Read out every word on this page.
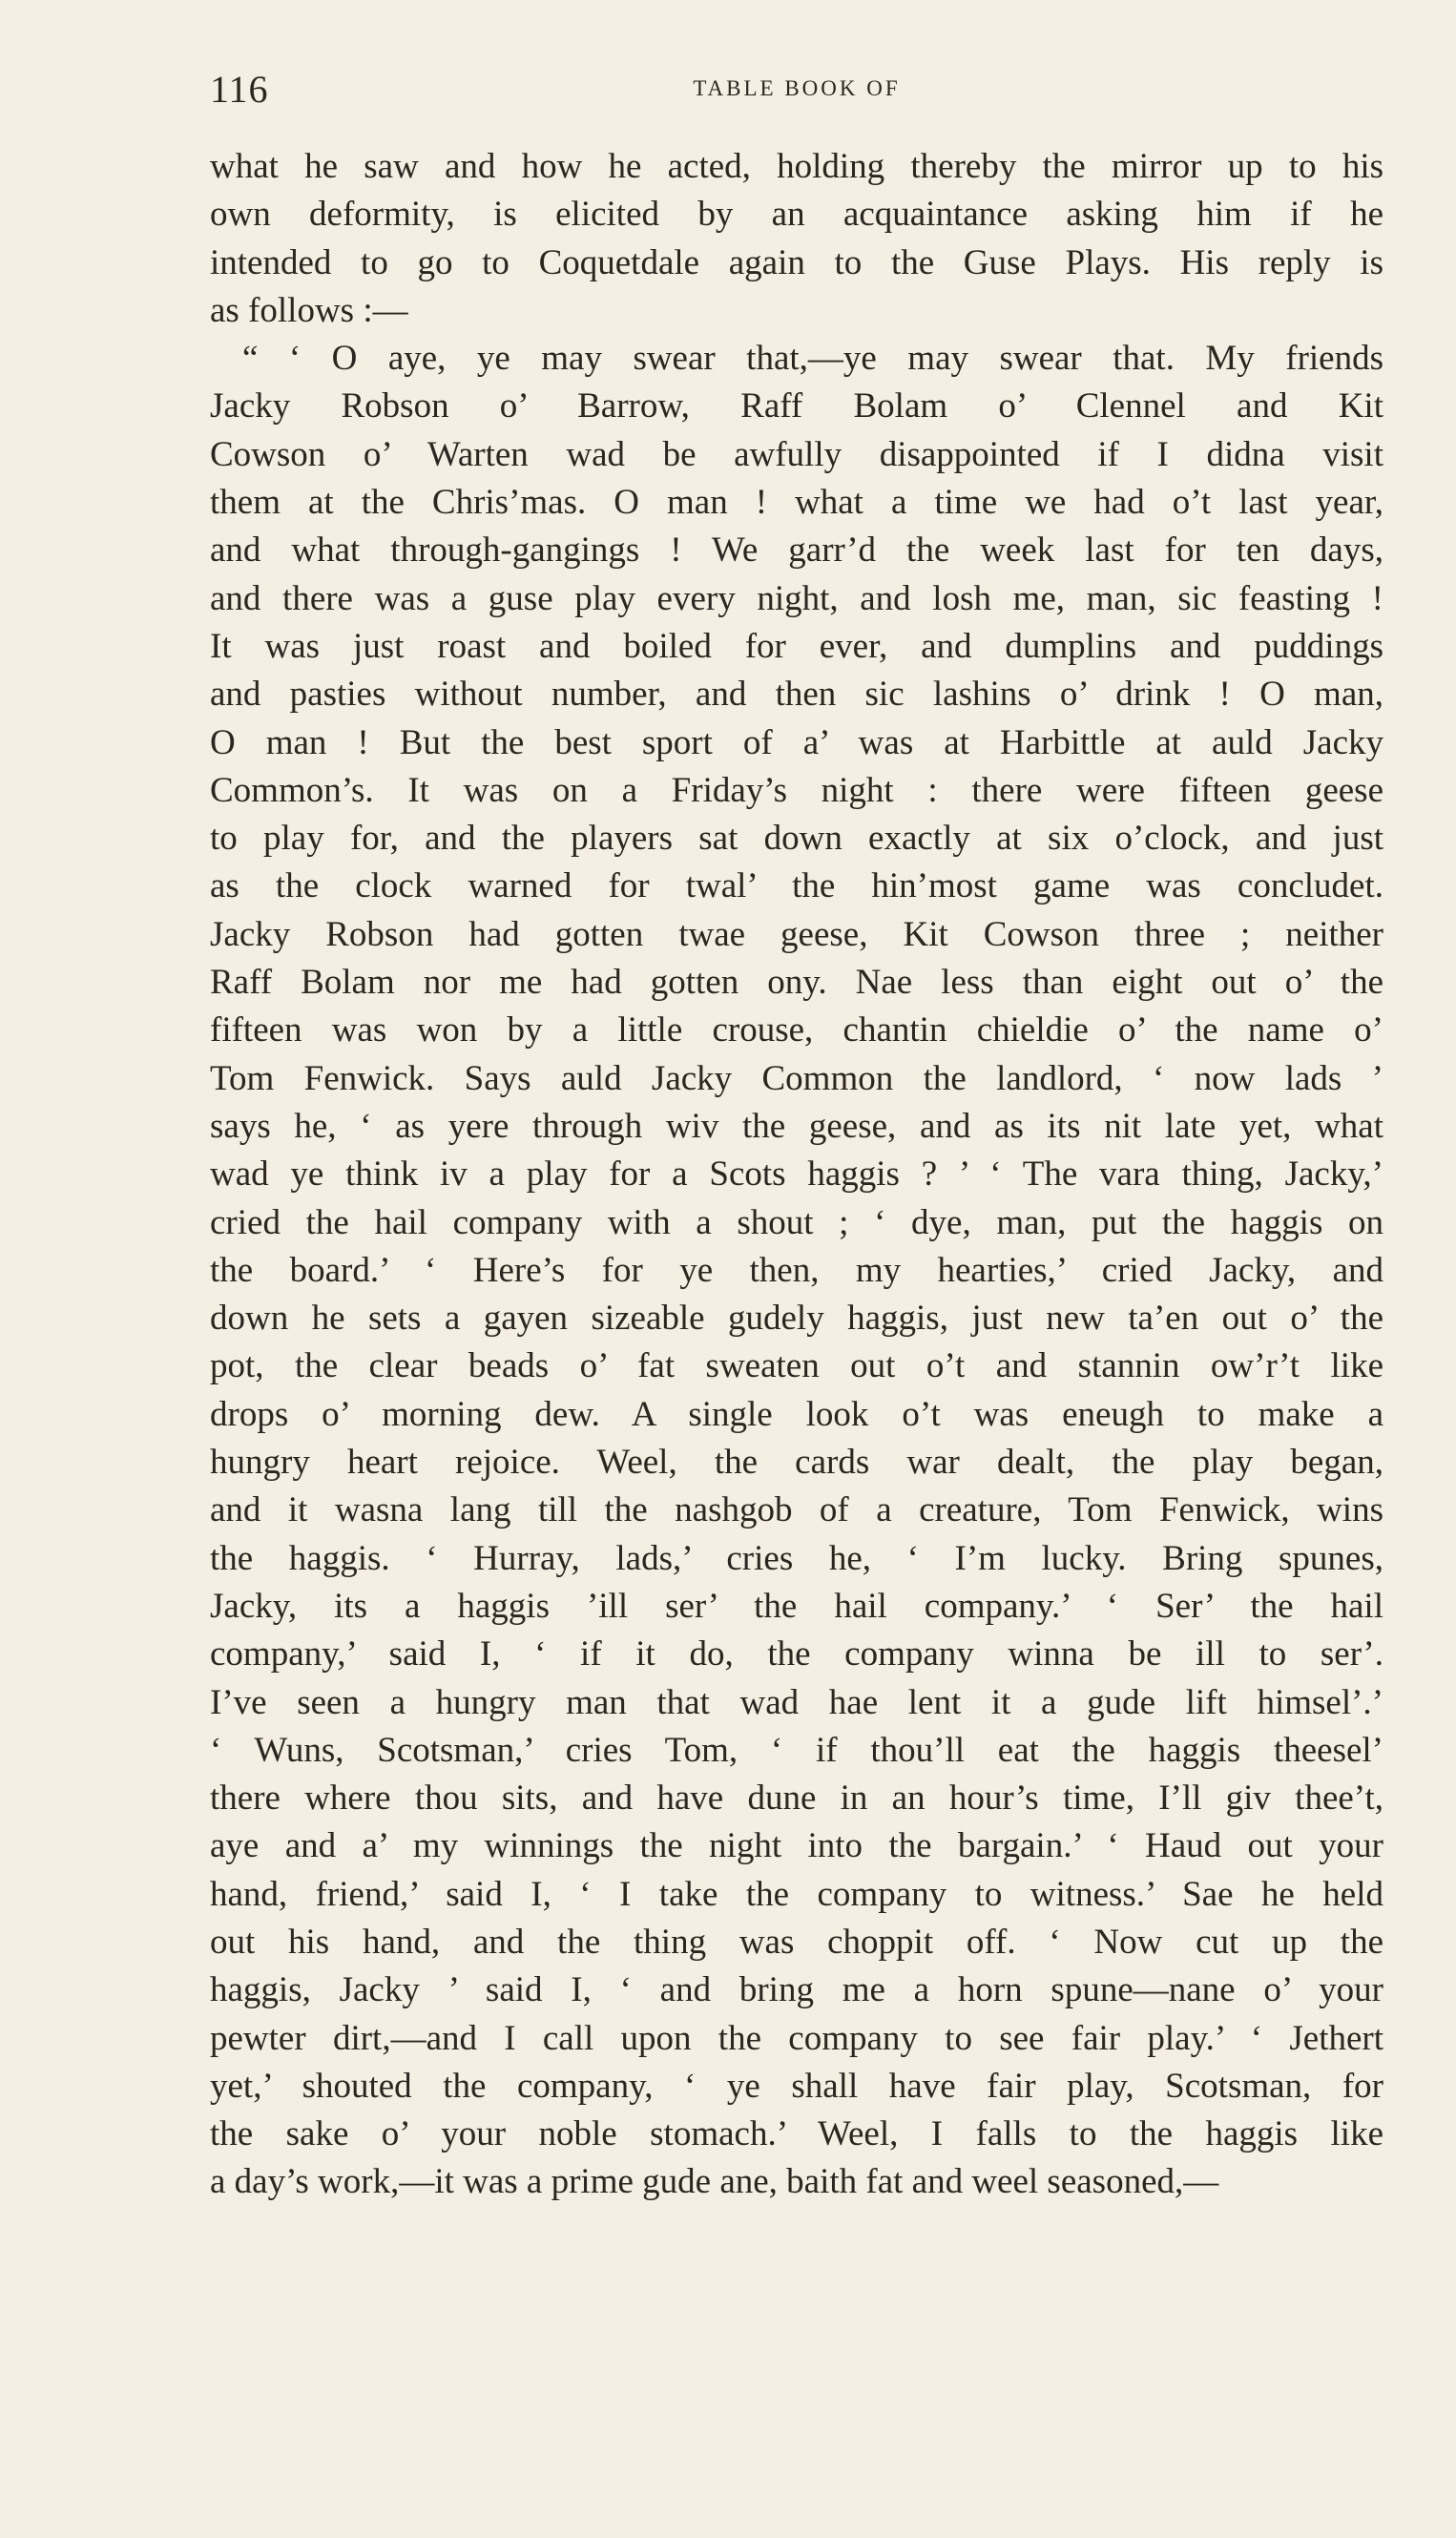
116	TABLE BOOK OF
what he saw and how he acted, holding thereby the mirror up to his
own deformity, is elicited by an acquaintance asking him if he
intended to go to Coquetdale again to the Guse Plays. His reply is
as follows :—
“ ‘ O aye, ye may swear that,—ye may swear that. My friends
Jacky Robson o’ Barrow, Raff Bolam o’ Clennel and Kit
Cowson o’ Warten wad be awfully disappointed if I didna visit
them at the Chris’mas. O man ! what a time we had o’t last year,
and what through-gangings ! We garr’d the week last for ten days,
and there was a guse play every night, and losh me, man, sic feasting !
It was just roast and boiled for ever, and dumplins and puddings
and pasties without number, and then sic lashins o’ drink ! O man,
O man ! But the best sport of a’ was at Harbittle at auld Jacky
Common’s. It was on a Friday’s night : there were fifteen geese
to play for, and the players sat down exactly at six o’clock, and just
as the clock warned for twal’ the hin’most game was concludet.
Jacky Robson had gotten twae geese, Kit Cowson three ; neither
Raff Bolam nor me had gotten ony. Nae less than eight out o’ the
fifteen was won by a little crouse, chantin chieldie o’ the name o’
Tom Fenwick. Says auld Jacky Common the landlord, ‘ now lads ’
says he, ‘ as yere through wiv the geese, and as its nit late yet, what
wad ye think iv a play for a Scots haggis ? ’ ‘ The vara thing, Jacky,’
cried the hail company with a shout ; ‘ dye, man, put the haggis on
the board.’ ‘ Here’s for ye then, my hearties,’ cried Jacky, and
down he sets a gayen sizeable gudely haggis, just new ta’en out o’ the
pot, the clear beads o’ fat sweaten out o’t and stannin ow’r’t like
drops o’ morning dew. A single look o’t was eneugh to make a
hungry heart rejoice. Weel, the cards war dealt, the play began,
and it wasna lang till the nashgob of a creature, Tom Fenwick, wins
the haggis. ‘ Hurray, lads,’ cries he, ‘ I’m lucky. Bring spunes,
Jacky, its a haggis ’ill ser’ the hail company.’ ‘ Ser’ the hail
company,’ said I, ‘ if it do, the company winna be ill to ser’.
I’ve seen a hungry man that wad hae lent it a gude lift himsel’.’
‘ Wuns, Scotsman,’ cries Tom, ‘ if thou’ll eat the haggis theesel’
there where thou sits, and have dune in an hour’s time, I’ll giv thee’t,
aye and a’ my winnings the night into the bargain.’ ‘ Haud out your
hand, friend,’ said I, ‘ I take the company to witness.’ Sae he held
out his hand, and the thing was choppit off. ‘ Now cut up the
haggis, Jacky ’ said I, ‘ and bring me a horn spune—nane o’ your
pewter dirt,—and I call upon the company to see fair play.’ ‘ Jethert
yet,’ shouted the company, ‘ ye shall have fair play, Scotsman, for
the sake o’ your noble stomach.’ Weel, I falls to the haggis like
a day’s work,—it was a prime gude ane, baith fat and weel seasoned,—
